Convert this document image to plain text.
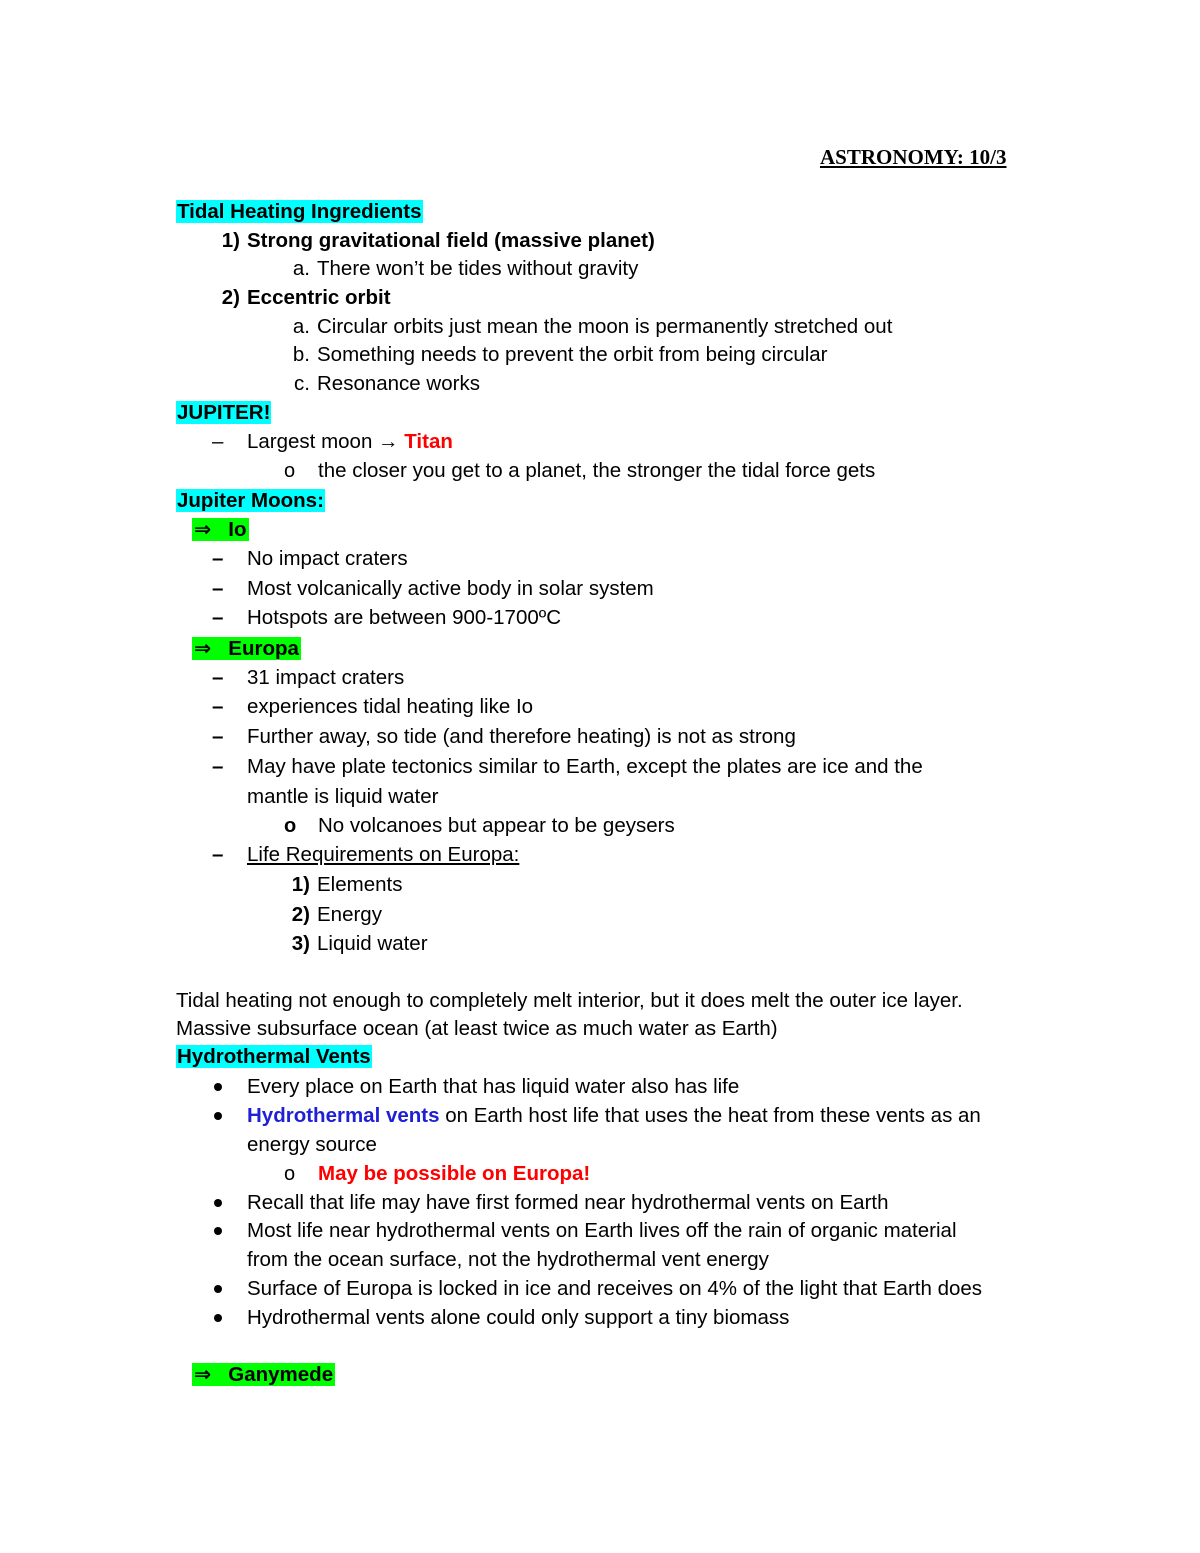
ASTRONOMY: 10/3
Tidal Heating Ingredients
1) Strong gravitational field (massive planet)
a. There won’t be tides without gravity
2) Eccentric orbit
a. Circular orbits just mean the moon is permanently stretched out
b. Something needs to prevent the orbit from being circular
c. Resonance works
JUPITER!
– Largest moon → Titan
o the closer you get to a planet, the stronger the tidal force gets
Jupiter Moons:
⇒ Io
– No impact craters
– Most volcanically active body in solar system
– Hotspots are between 900-1700ºC
⇒ Europa
– 31 impact craters
– experiences tidal heating like Io
– Further away, so tide (and therefore heating) is not as strong
– May have plate tectonics similar to Earth, except the plates are ice and the
mantle is liquid water
o No volcanoes but appear to be geysers
– Life Requirements on Europa:
1) Elements
2) Energy
3) Liquid water
Tidal heating not enough to completely melt interior, but it does melt the outer ice layer.
Massive subsurface ocean (at least twice as much water as Earth)
Hydrothermal Vents
Every place on Earth that has liquid water also has life
Hydrothermal vents on Earth host life that uses the heat from these vents as an
energy source
o May be possible on Europa!
Recall that life may have first formed near hydrothermal vents on Earth
Most life near hydrothermal vents on Earth lives off the rain of organic material
from the ocean surface, not the hydrothermal vent energy
Surface of Europa is locked in ice and receives on 4% of the light that Earth does
Hydrothermal vents alone could only support a tiny biomass
⇒ Ganymede
